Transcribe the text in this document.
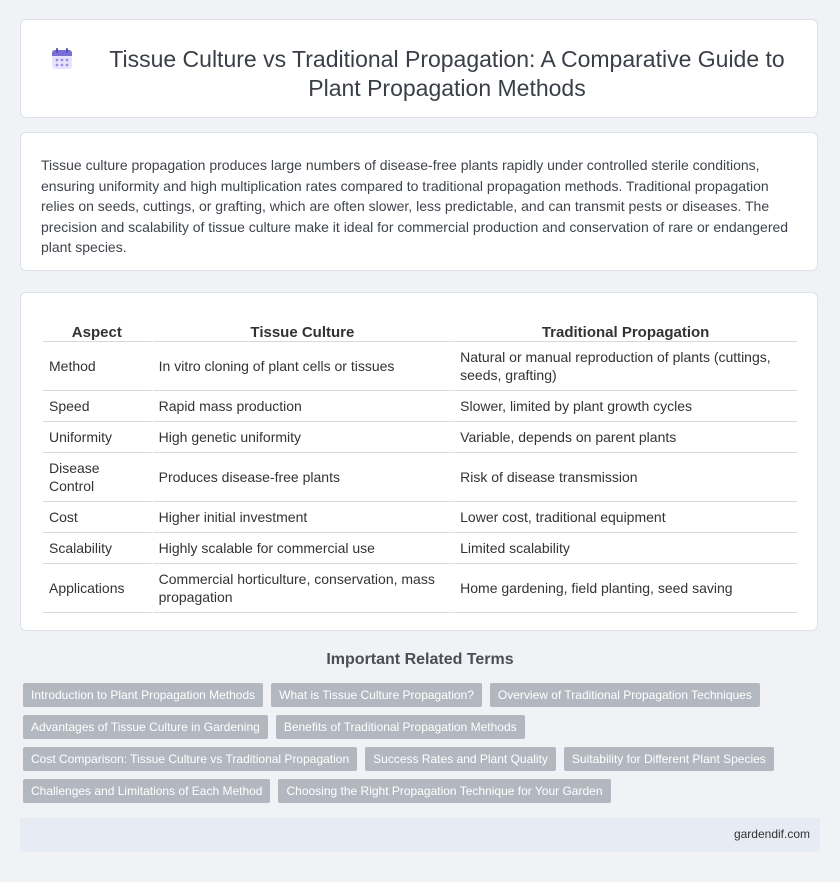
Tissue Culture vs Traditional Propagation: A Comparative Guide to Plant Propagation Methods

Tissue culture propagation produces large numbers of disease-free plants rapidly under controlled sterile conditions, ensuring uniformity and high multiplication rates compared to traditional propagation methods. Traditional propagation relies on seeds, cuttings, or grafting, which are often slower, less predictable, and can transmit pests or diseases. The precision and scalability of tissue culture make it ideal for commercial production and conservation of rare or endangered plant species.

Aspect	Tissue Culture	Traditional Propagation
Method	In vitro cloning of plant cells or tissues	Natural or manual reproduction of plants (cuttings, seeds, grafting)
Speed	Rapid mass production	Slower, limited by plant growth cycles
Uniformity	High genetic uniformity	Variable, depends on parent plants
Disease Control	Produces disease-free plants	Risk of disease transmission
Cost	Higher initial investment	Lower cost, traditional equipment
Scalability	Highly scalable for commercial use	Limited scalability
Applications	Commercial horticulture, conservation, mass propagation	Home gardening, field planting, seed saving
Important Related Terms
Introduction to Plant Propagation Methods	What is Tissue Culture Propagation?	Overview of Traditional Propagation Techniques
Advantages of Tissue Culture in Gardening	Benefits of Traditional Propagation Methods
Cost Comparison: Tissue Culture vs Traditional Propagation	Success Rates and Plant Quality	Suitability for Different Plant Species
Challenges and Limitations of Each Method	Choosing the Right Propagation Technique for Your Garden
gardendif.com
